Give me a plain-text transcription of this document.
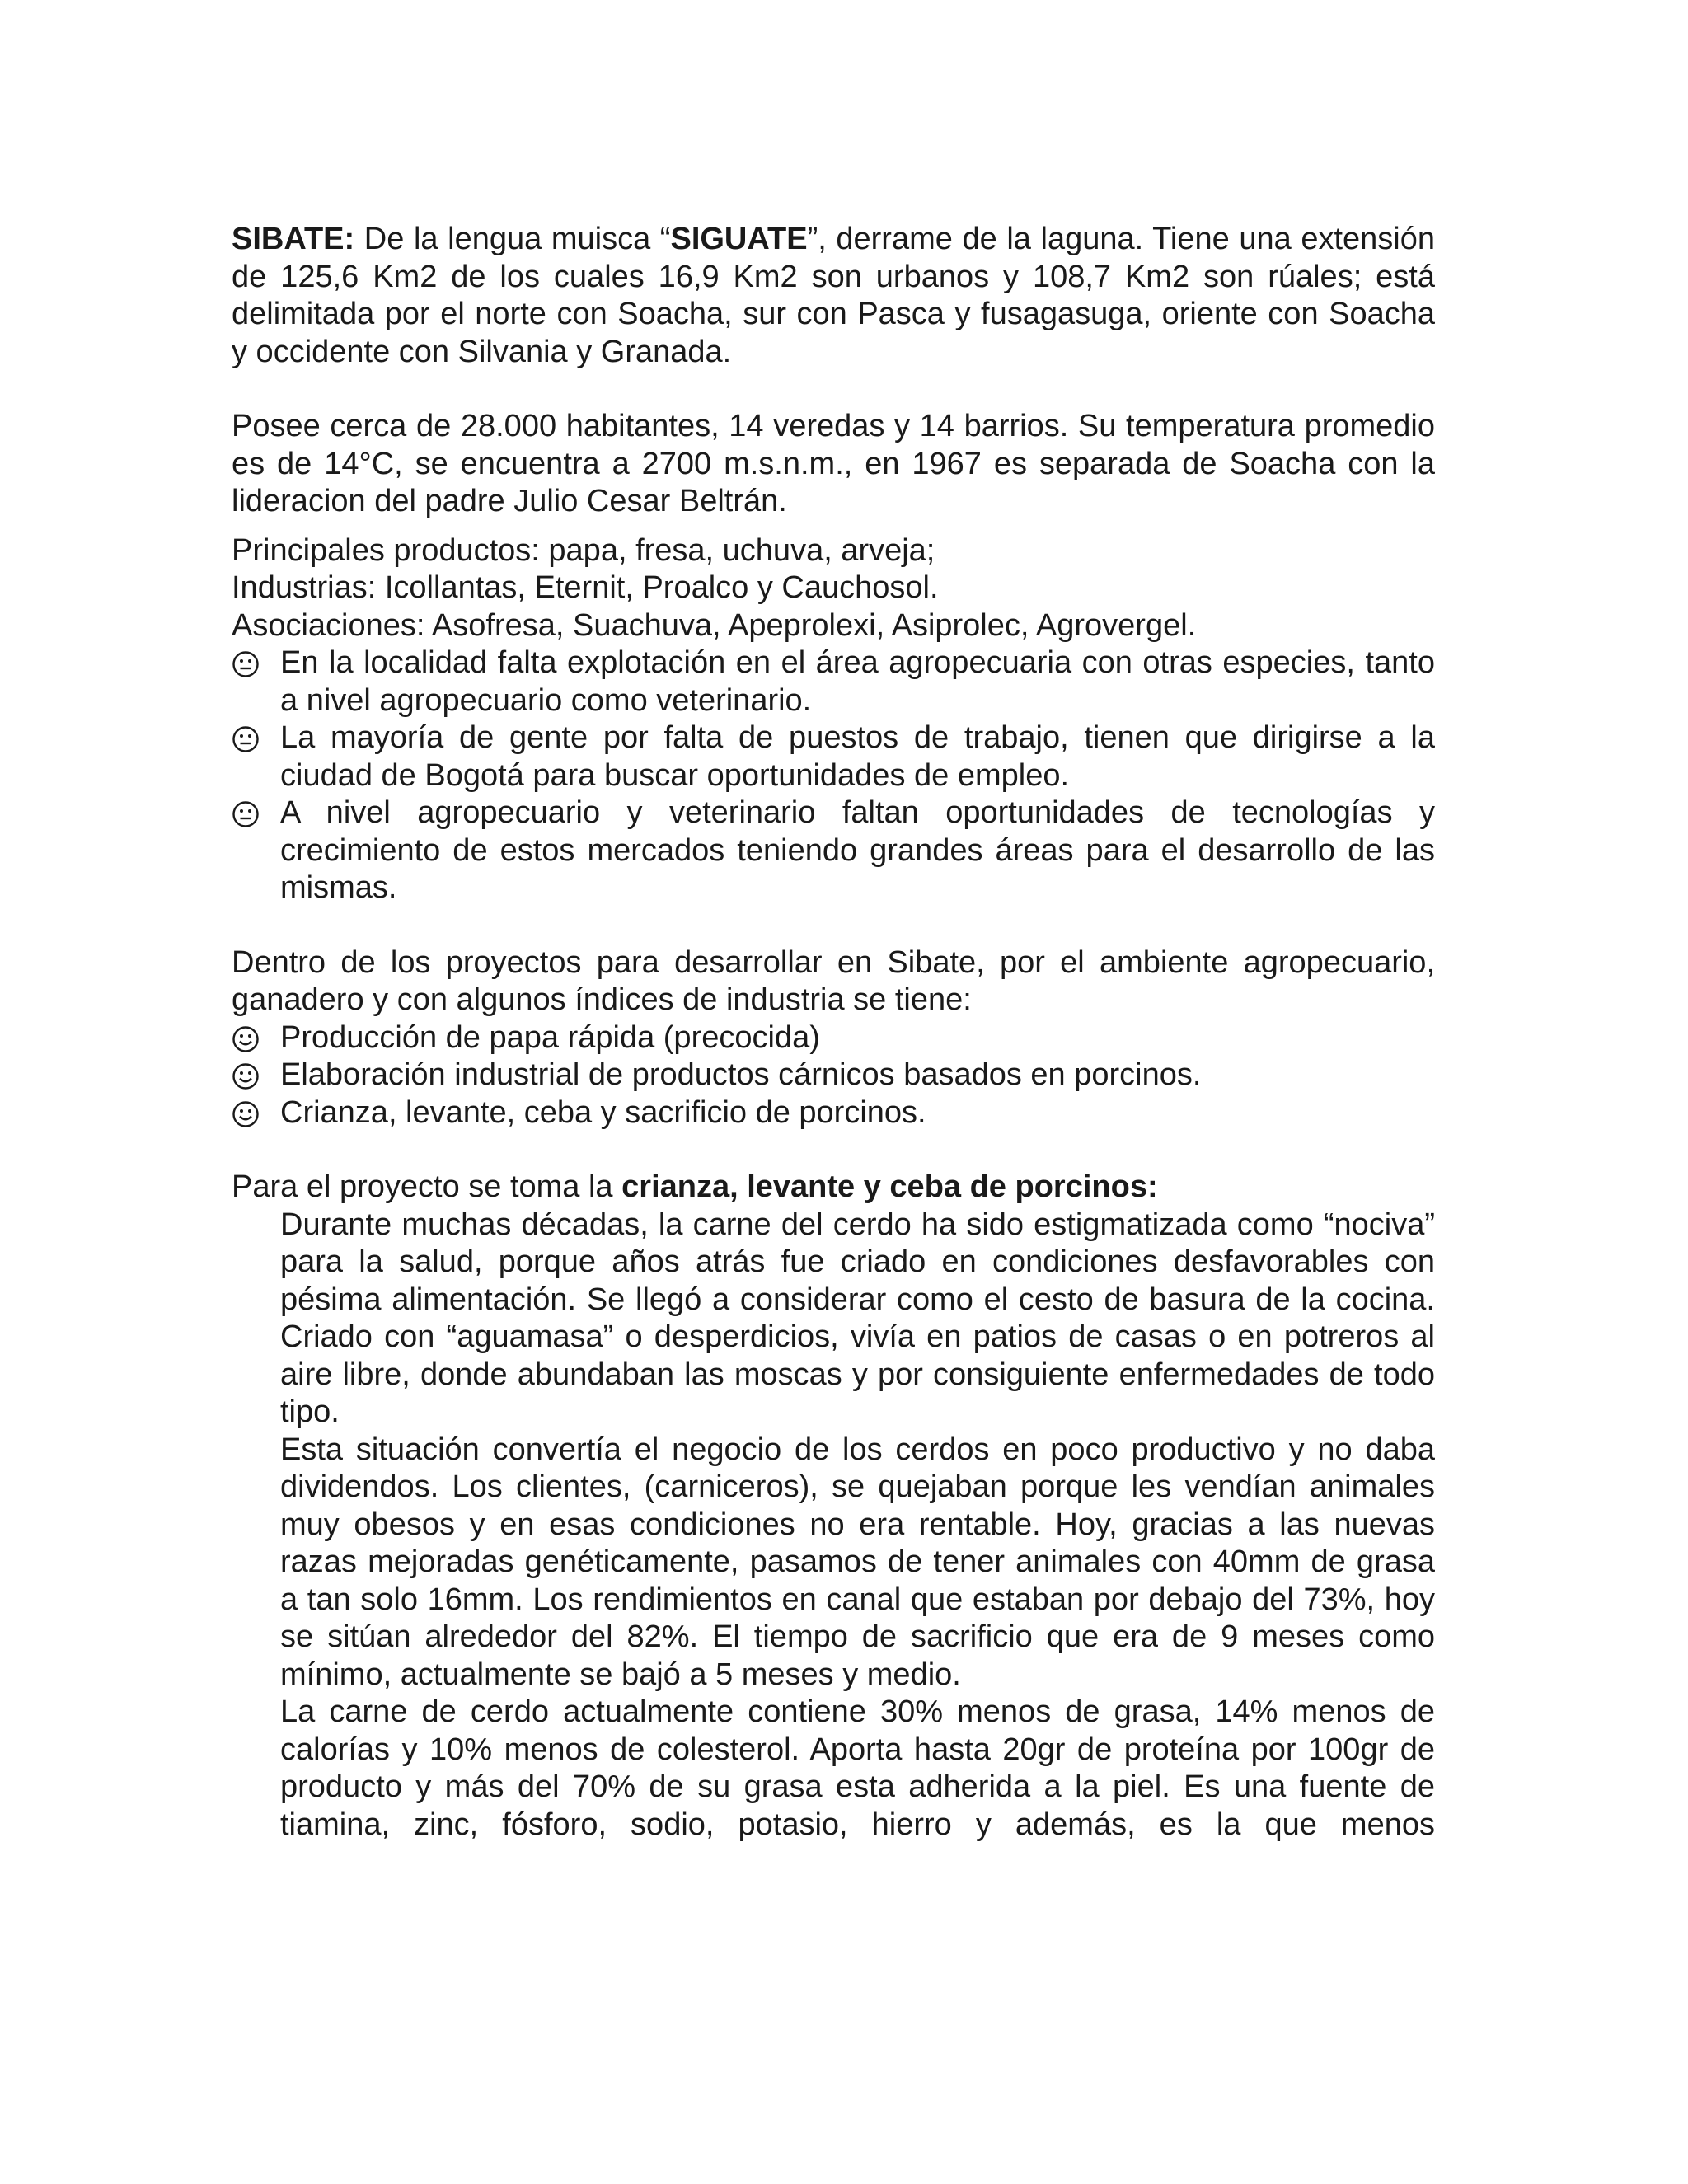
SIBATE: De la lengua muisca “SIGUATE”, derrame de la laguna. Tiene una extensión de 125,6 Km2 de los cuales 16,9 Km2 son urbanos y 108,7 Km2 son rúales; está delimitada por el norte con Soacha, sur con Pasca y fusagasuga, oriente con Soacha y occidente con Silvania y Granada.

Posee cerca de 28.000 habitantes, 14 veredas y 14 barrios. Su temperatura promedio es de 14°C, se encuentra a 2700 m.s.n.m., en 1967 es separada de Soacha con la lideracion del padre Julio Cesar Beltrán.

Principales productos: papa, fresa, uchuva, arveja;

Industrias: Icollantas, Eternit, Proalco y Cauchosol.

Asociaciones: Asofresa, Suachuva, Apeprolexi, Asiprolec, Agrovergel.

En la localidad falta explotación en el área agropecuaria con otras especies, tanto a nivel agropecuario como veterinario.
La mayoría de gente por falta de puestos de trabajo, tienen que dirigirse a la ciudad de Bogotá para buscar oportunidades de empleo.
A nivel agropecuario y veterinario faltan oportunidades de tecnologías y crecimiento de estos mercados teniendo grandes áreas para el desarrollo de las mismas.

Dentro de los proyectos para desarrollar en Sibate, por el ambiente agropecuario, ganadero y con algunos índices de industria se tiene:

Producción de papa rápida (precocida)
Elaboración industrial de productos cárnicos basados en porcinos.
Crianza, levante, ceba y sacrificio de porcinos.

Para el proyecto se toma la crianza, levante y ceba de porcinos:

Durante muchas décadas, la carne del cerdo ha sido estigmatizada como “nociva” para la salud, porque años atrás fue criado en condiciones desfavorables con pésima alimentación. Se llegó a considerar como el cesto de basura de la cocina. Criado con “aguamasa” o desperdicios, vivía en patios de casas o en potreros al aire libre, donde abundaban las moscas y por consiguiente enfermedades de todo tipo.

Esta situación convertía el negocio de los cerdos en poco productivo y no daba dividendos. Los clientes, (carniceros), se quejaban porque les vendían animales muy obesos y en esas condiciones no era rentable. Hoy, gracias a las nuevas razas mejoradas genéticamente, pasamos de tener animales con 40mm de grasa a tan solo 16mm. Los rendimientos en canal que estaban por debajo del 73%, hoy se sitúan alrededor del 82%. El tiempo de sacrificio que era de 9 meses como mínimo, actualmente se bajó a 5 meses y medio.

La carne de cerdo actualmente contiene 30% menos de grasa, 14% menos de calorías y 10% menos de colesterol. Aporta hasta 20gr de proteína por 100gr de producto y más del 70% de su grasa esta adherida a la piel. Es una fuente de tiamina, zinc, fósforo, sodio, potasio, hierro y además, es la que menos
